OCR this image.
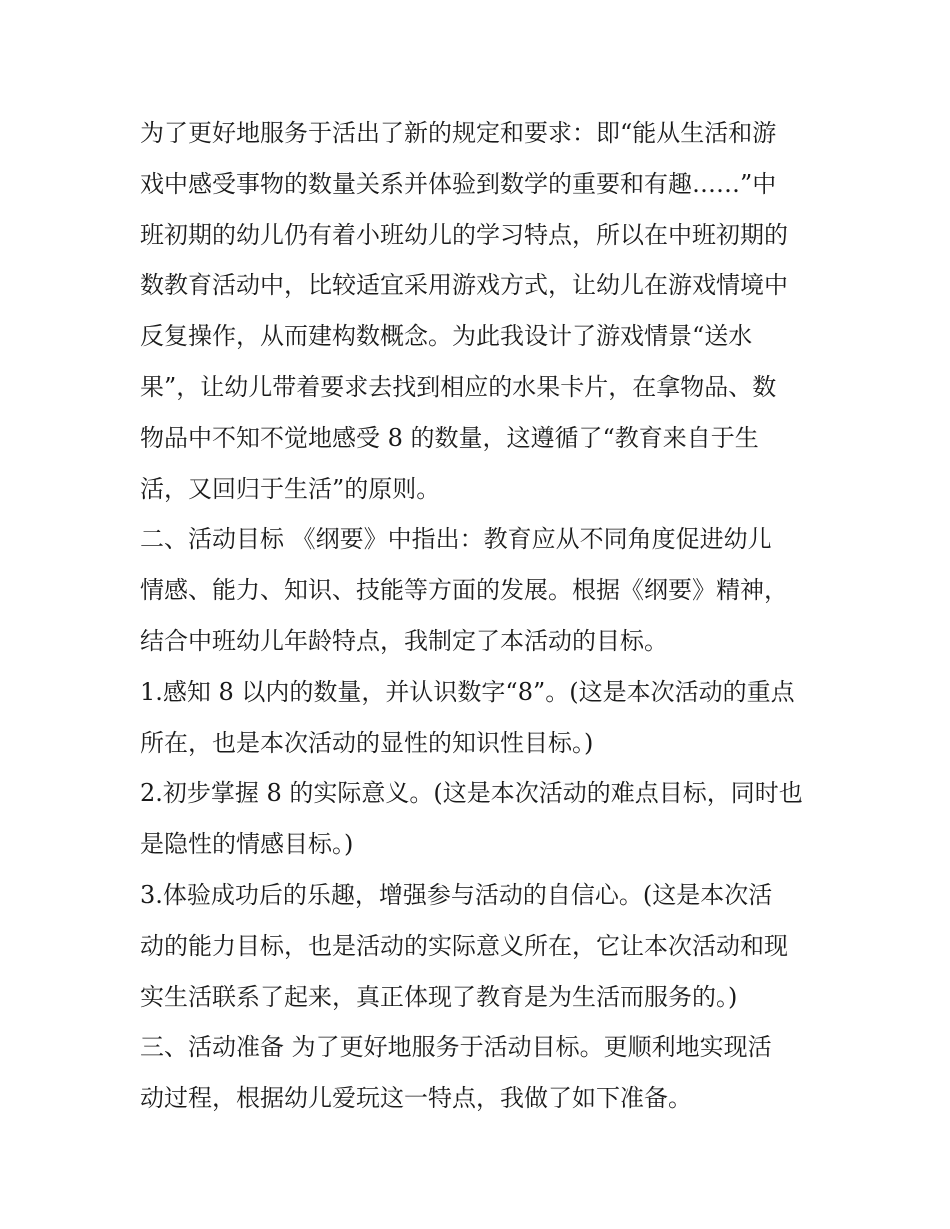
为了更好地服务于活出了新的规定和要求：即“能从生活和游
戏中感受事物的数量关系并体验到数学的重要和有趣……”中
班初期的幼儿仍有着小班幼儿的学习特点，所以在中班初期的
数教育活动中，比较适宜采用游戏方式，让幼儿在游戏情境中
反复操作，从而建构数概念。为此我设计了游戏情景“送水
果”，让幼儿带着要求去找到相应的水果卡片，在拿物品、数
物品中不知不觉地感受 8 的数量，这遵循了“教育来自于生
活，又回归于生活”的原则。
二、活动目标 《纲要》中指出：教育应从不同角度促进幼儿
情感、能力、知识、技能等方面的发展。根据《纲要》精神，
结合中班幼儿年龄特点，我制定了本活动的目标。
1.感知 8 以内的数量，并认识数字“8”。(这是本次活动的重点
所在，也是本次活动的显性的知识性目标。)
2.初步掌握 8 的实际意义。(这是本次活动的难点目标，同时也
是隐性的情感目标。)
3.体验成功后的乐趣，增强参与活动的自信心。(这是本次活
动的能力目标，也是活动的实际意义所在，它让本次活动和现
实生活联系了起来，真正体现了教育是为生活而服务的。)
三、活动准备 为了更好地服务于活动目标。更顺利地实现活
动过程，根据幼儿爱玩这一特点，我做了如下准备。
